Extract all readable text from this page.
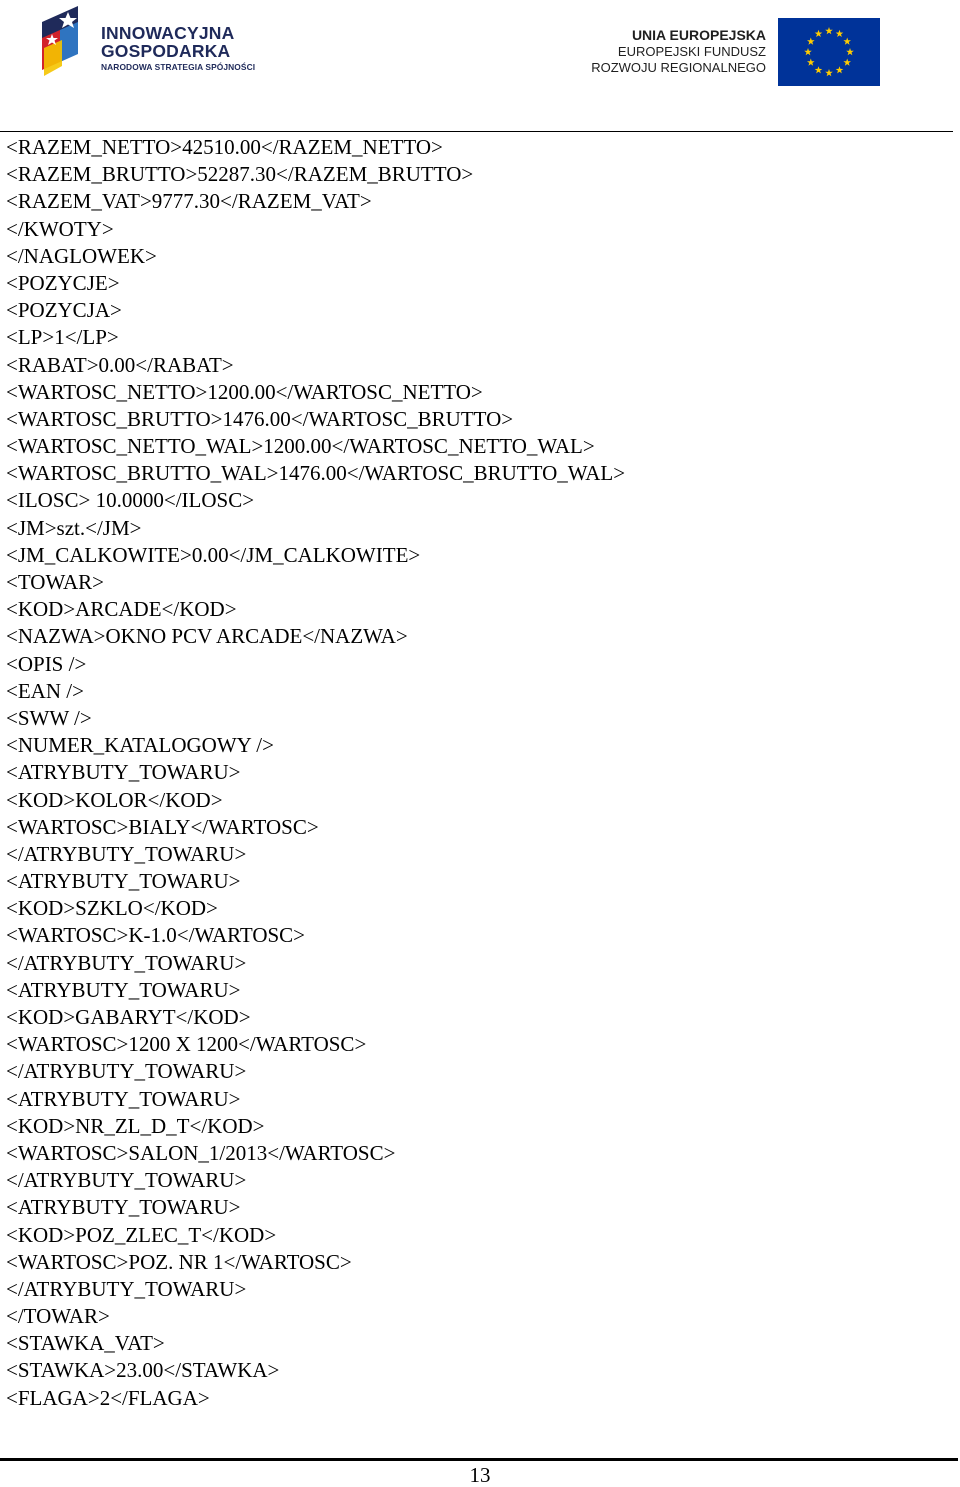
INNOWACYJNA
GOSPODARKA
NARODOWA STRATEGIA SPÓJNOŚCI
UNIA EUROPEJSKA
EUROPEJSKI FUNDUSZ
ROZWOJU REGIONALNEGO
<RAZEM_NETTO>42510.00</RAZEM_NETTO>
<RAZEM_BRUTTO>52287.30</RAZEM_BRUTTO>
<RAZEM_VAT>9777.30</RAZEM_VAT>
</KWOTY>
</NAGLOWEK>
<POZYCJE>
<POZYCJA>
<LP>1</LP>
<RABAT>0.00</RABAT>
<WARTOSC_NETTO>1200.00</WARTOSC_NETTO>
<WARTOSC_BRUTTO>1476.00</WARTOSC_BRUTTO>
<WARTOSC_NETTO_WAL>1200.00</WARTOSC_NETTO_WAL>
<WARTOSC_BRUTTO_WAL>1476.00</WARTOSC_BRUTTO_WAL>
<ILOSC> 10.0000</ILOSC>
<JM>szt.</JM>
<JM_CALKOWITE>0.00</JM_CALKOWITE>
<TOWAR>
<KOD>ARCADE</KOD>
<NAZWA>OKNO PCV ARCADE</NAZWA>
<OPIS />
<EAN />
<SWW />
<NUMER_KATALOGOWY />
<ATRYBUTY_TOWARU>
<KOD>KOLOR</KOD>
<WARTOSC>BIALY</WARTOSC>
</ATRYBUTY_TOWARU>
<ATRYBUTY_TOWARU>
<KOD>SZKLO</KOD>
<WARTOSC>K-1.0</WARTOSC>
</ATRYBUTY_TOWARU>
<ATRYBUTY_TOWARU>
<KOD>GABARYT</KOD>
<WARTOSC>1200 X 1200</WARTOSC>
</ATRYBUTY_TOWARU>
<ATRYBUTY_TOWARU>
<KOD>NR_ZL_D_T</KOD>
<WARTOSC>SALON_1/2013</WARTOSC>
</ATRYBUTY_TOWARU>
<ATRYBUTY_TOWARU>
<KOD>POZ_ZLEC_T</KOD>
<WARTOSC>POZ. NR 1</WARTOSC>
</ATRYBUTY_TOWARU>
</TOWAR>
<STAWKA_VAT>
<STAWKA>23.00</STAWKA>
<FLAGA>2</FLAGA>
13
